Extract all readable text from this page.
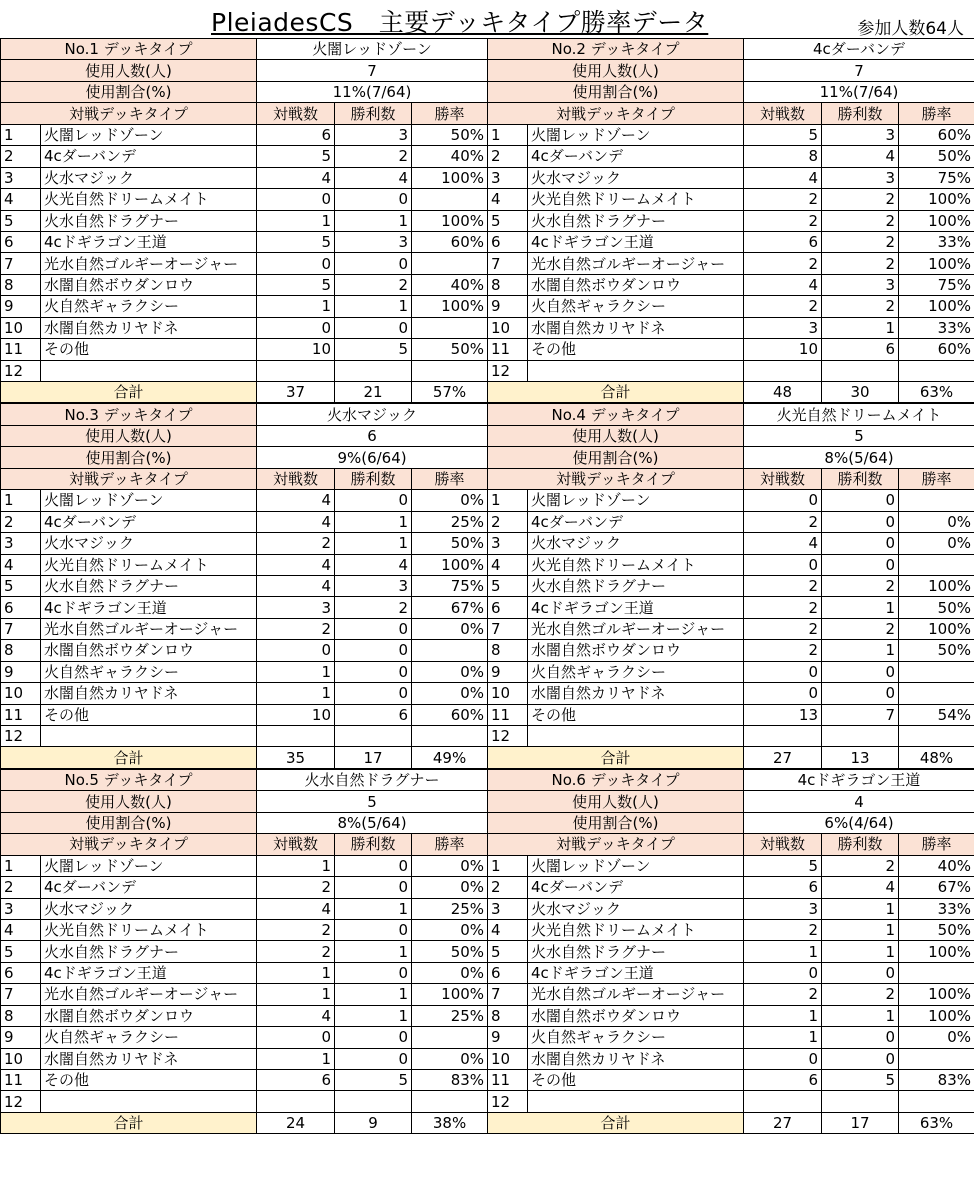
PleiadesCS　主要デッキタイプ勝率データ	参加人数64人
No.1 デッキタイプ		火闇レッドゾーン		
使用人数(人)		7		
使用割合(%)		11%(7/64)		
対戦デッキタイプ		対戦数	勝利数	勝率
1	火闇レッドゾーン	6	3	50%
2	4cダーバンデ	5	2	40%
3	火水マジック	4	4	100%
4	火光自然ドリームメイト	0	0	
5	火水自然ドラグナー	1	1	100%
6	4cドギラゴン王道	5	3	60%
7	光水自然ゴルギーオージャー	0	0	
8	水闇自然ボウダンロウ	5	2	40%
9	火自然ギャラクシー	1	1	100%
10	水闇自然カリヤドネ	0	0	
11	その他	10	5	50%
12				
合計		37	21	57%
No.2 デッキタイプ		4cダーバンデ		
使用人数(人)		7		
使用割合(%)		11%(7/64)		
対戦デッキタイプ		対戦数	勝利数	勝率
1	火闇レッドゾーン	5	3	60%
2	4cダーバンデ	8	4	50%
3	火水マジック	4	3	75%
4	火光自然ドリームメイト	2	2	100%
5	火水自然ドラグナー	2	2	100%
6	4cドギラゴン王道	6	2	33%
7	光水自然ゴルギーオージャー	2	2	100%
8	水闇自然ボウダンロウ	4	3	75%
9	火自然ギャラクシー	2	2	100%
10	水闇自然カリヤドネ	3	1	33%
11	その他	10	6	60%
12				
合計		48	30	63%
No.3 デッキタイプ		火水マジック		
使用人数(人)		6		
使用割合(%)		9%(6/64)		
対戦デッキタイプ		対戦数	勝利数	勝率
1	火闇レッドゾーン	4	0	0%
2	4cダーバンデ	4	1	25%
3	火水マジック	2	1	50%
4	火光自然ドリームメイト	4	4	100%
5	火水自然ドラグナー	4	3	75%
6	4cドギラゴン王道	3	2	67%
7	光水自然ゴルギーオージャー	2	0	0%
8	水闇自然ボウダンロウ	0	0	
9	火自然ギャラクシー	1	0	0%
10	水闇自然カリヤドネ	1	0	0%
11	その他	10	6	60%
12				
合計		35	17	49%
No.4 デッキタイプ		火光自然ドリームメイト		
使用人数(人)		5		
使用割合(%)		8%(5/64)		
対戦デッキタイプ		対戦数	勝利数	勝率
1	火闇レッドゾーン	0	0	
2	4cダーバンデ	2	0	0%
3	火水マジック	4	0	0%
4	火光自然ドリームメイト	0	0	
5	火水自然ドラグナー	2	2	100%
6	4cドギラゴン王道	2	1	50%
7	光水自然ゴルギーオージャー	2	2	100%
8	水闇自然ボウダンロウ	2	1	50%
9	火自然ギャラクシー	0	0	
10	水闇自然カリヤドネ	0	0	
11	その他	13	7	54%
12				
合計		27	13	48%
No.5 デッキタイプ		火水自然ドラグナー		
使用人数(人)		5		
使用割合(%)		8%(5/64)		
対戦デッキタイプ		対戦数	勝利数	勝率
1	火闇レッドゾーン	1	0	0%
2	4cダーバンデ	2	0	0%
3	火水マジック	4	1	25%
4	火光自然ドリームメイト	2	0	0%
5	火水自然ドラグナー	2	1	50%
6	4cドギラゴン王道	1	0	0%
7	光水自然ゴルギーオージャー	1	1	100%
8	水闇自然ボウダンロウ	4	1	25%
9	火自然ギャラクシー	0	0	
10	水闇自然カリヤドネ	1	0	0%
11	その他	6	5	83%
12				
合計		24	9	38%
No.6 デッキタイプ		4cドギラゴン王道		
使用人数(人)		4		
使用割合(%)		6%(4/64)		
対戦デッキタイプ		対戦数	勝利数	勝率
1	火闇レッドゾーン	5	2	40%
2	4cダーバンデ	6	4	67%
3	火水マジック	3	1	33%
4	火光自然ドリームメイト	2	1	50%
5	火水自然ドラグナー	1	1	100%
6	4cドギラゴン王道	0	0	
7	光水自然ゴルギーオージャー	2	2	100%
8	水闇自然ボウダンロウ	1	1	100%
9	火自然ギャラクシー	1	0	0%
10	水闇自然カリヤドネ	0	0	
11	その他	6	5	83%
12				
合計		27	17	63%
